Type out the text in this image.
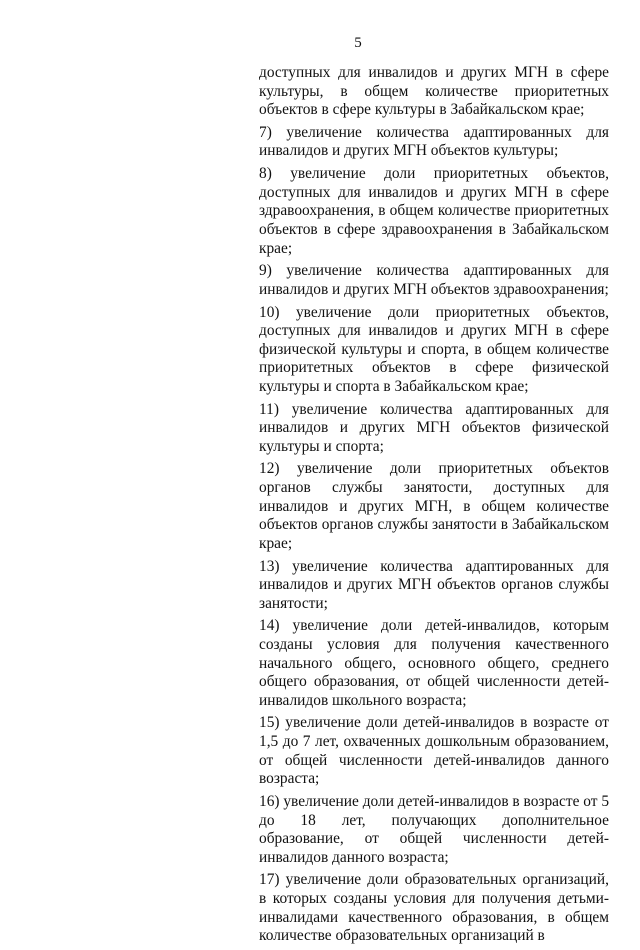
5

доступных для инвалидов и других МГН в сфере культуры, в общем количестве приоритетных объектов в сфере культуры в Забайкальском крае;

7) увеличение количества адаптированных для инвалидов и других МГН объектов культуры;

8) увеличение доли приоритетных объектов, доступных для инвалидов и других МГН в сфере здравоохранения, в общем количестве приоритетных объектов в сфере здравоохранения в Забайкальском крае;

9) увеличение количества адаптированных для инвалидов и других МГН объектов здравоохранения;

10) увеличение доли приоритетных объектов, доступных для инвалидов и других МГН в сфере физической культуры и спорта, в общем количестве приоритетных объектов в сфере физической культуры и спорта в Забайкальском крае;

11) увеличение количества адаптированных для инвалидов и других МГН объектов физической культуры и спорта;

12) увеличение доли приоритетных объектов органов службы занятости, доступных для инвалидов и других МГН, в общем количестве объектов органов службы занятости в Забайкальском крае;

13) увеличение количества адаптированных для инвалидов и других МГН объектов органов службы занятости;

14) увеличение доли детей-инвалидов, которым созданы условия для получения качественного начального общего, основного общего, среднего общего образования, от общей численности детей-инвалидов школьного возраста;

15) увеличение доли детей-инвалидов в возрасте от 1,5 до 7 лет, охваченных дошкольным образованием, от общей численности детей-инвалидов данного возраста;

16) увеличение доли детей-инвалидов в возрасте от 5 до 18 лет, получающих дополнительное образование, от общей численности детей-инвалидов данного возраста;

17) увеличение доли образовательных организаций, в которых созданы условия для получения детьми-инвалидами качественного образования, в общем количестве образовательных организаций в
